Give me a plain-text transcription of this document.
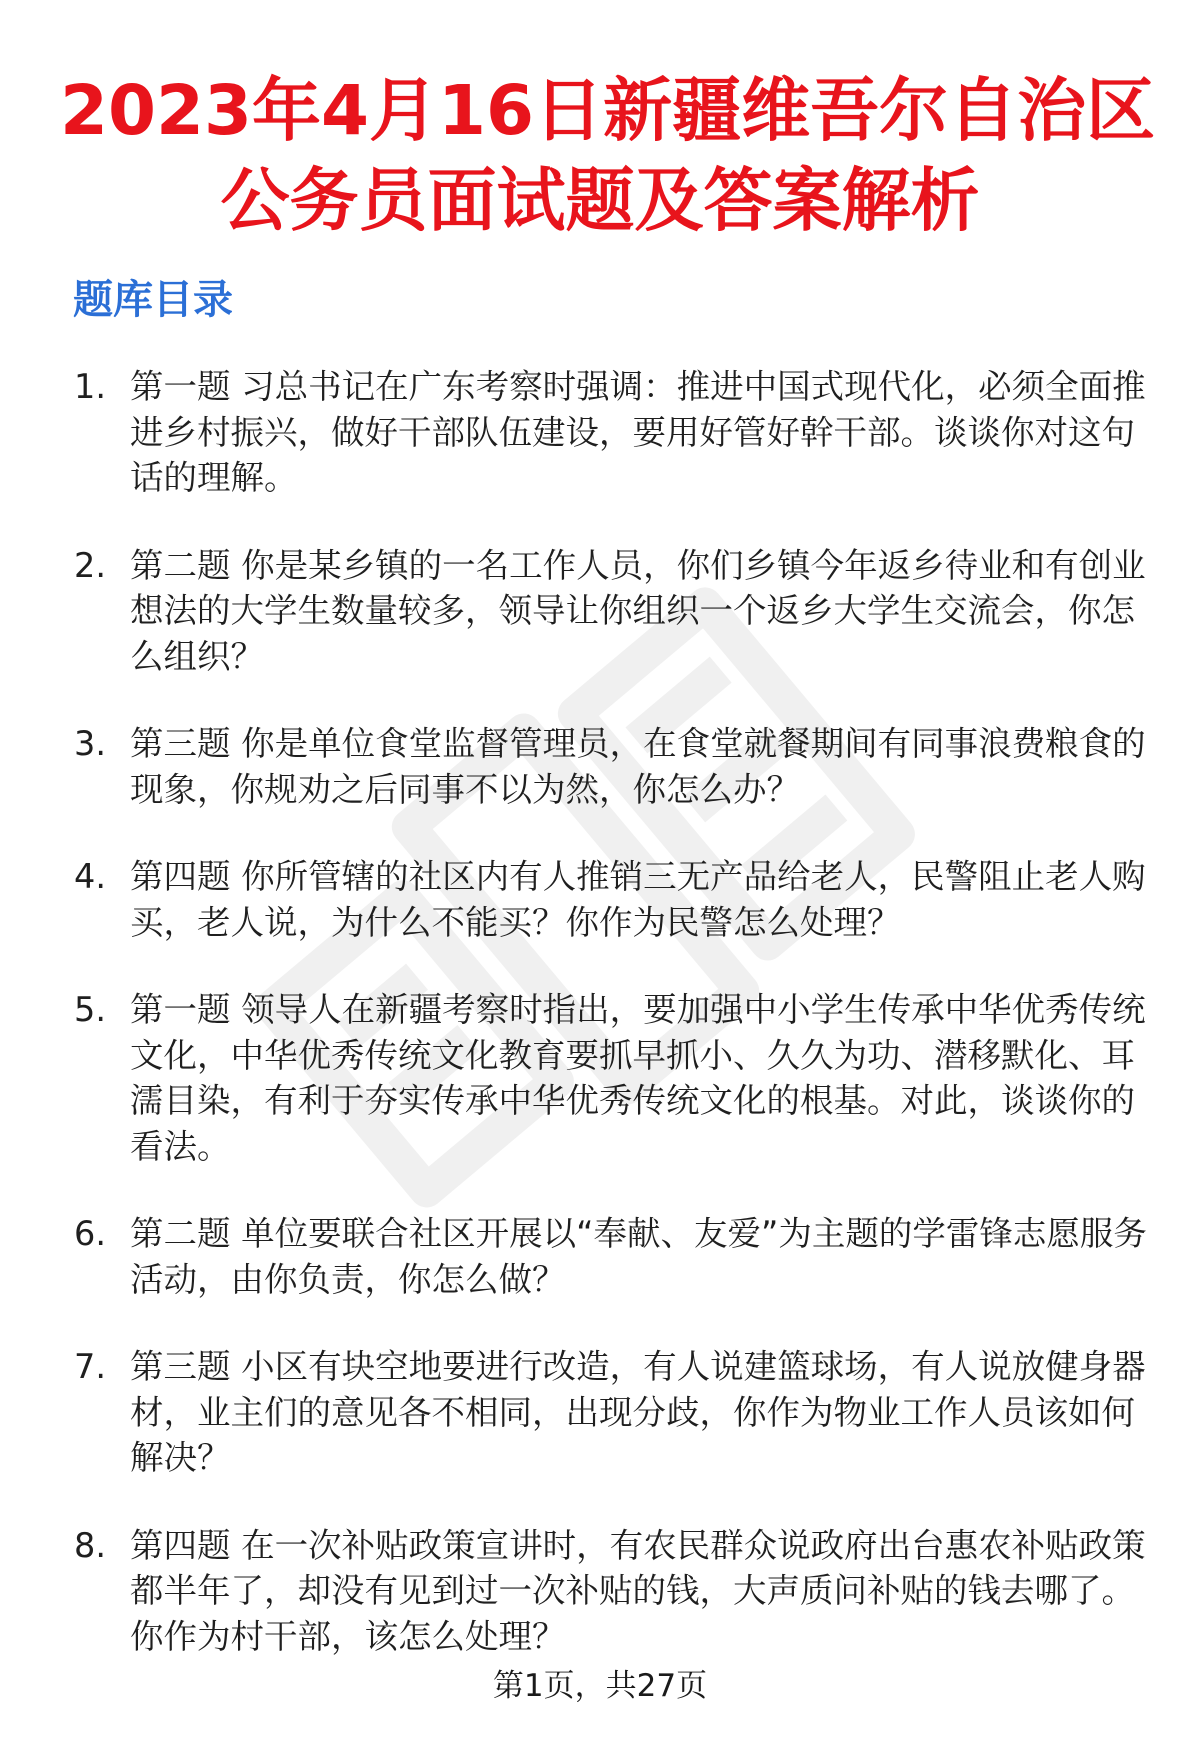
2023年4月16日新疆维吾尔自治区
公务员面试题及答案解析
题库目录
1. 第一题 习总书记在广东考察时强调：推进中国式现代化，必须全面推进乡村振兴，做好干部队伍建设，要用好管好幹干部。谈谈你对这句话的理解。
2. 第二题 你是某乡镇的一名工作人员，你们乡镇今年返乡待业和有创业想法的大学生数量较多，领导让你组织一个返乡大学生交流会，你怎么组织？
3. 第三题 你是单位食堂监督管理员，在食堂就餐期间有同事浪费粮食的现象，你规劝之后同事不以为然，你怎么办？
4. 第四题 你所管辖的社区内有人推销三无产品给老人，民警阻止老人购买，老人说，为什么不能买？你作为民警怎么处理？
5. 第一题 领导人在新疆考察时指出，要加强中小学生传承中华优秀传统文化，中华优秀传统文化教育要抓早抓小、久久为功、潜移默化、耳濡目染，有利于夯实传承中华优秀传统文化的根基。对此，谈谈你的看法。
6. 第二题 单位要联合社区开展以“奉献、友爱”为主题的学雷锋志愿服务活动，由你负责，你怎么做？
7. 第三题 小区有块空地要进行改造，有人说建篮球场，有人说放健身器材，业主们的意见各不相同，出现分歧，你作为物业工作人员该如何解决？
8. 第四题 在一次补贴政策宣讲时，有农民群众说政府出台惠农补贴政策都半年了，却没有见到过一次补贴的钱，大声质问补贴的钱去哪了。你作为村干部，该怎么处理？
第1页，共27页
